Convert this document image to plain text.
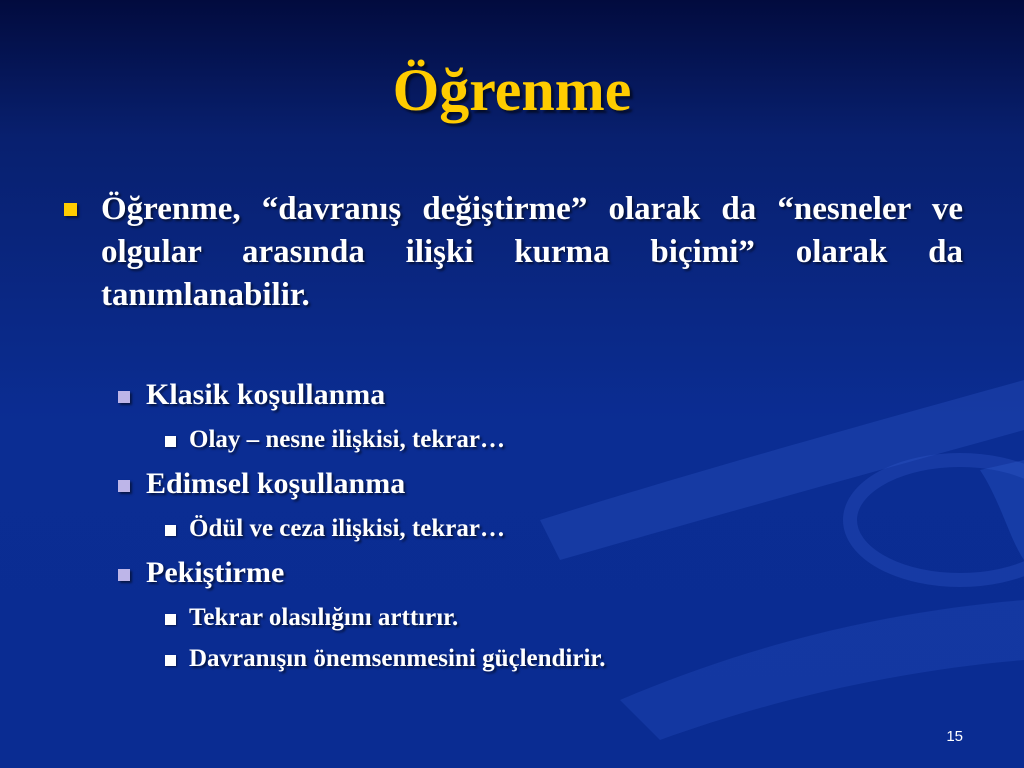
Öğrenme
Öğrenme, “davranış değiştirme” olarak da “nesneler ve olgular arasında ilişki kurma biçimi” olarak da tanımlanabilir.
Klasik koşullanma
Olay – nesne ilişkisi, tekrar…
Edimsel koşullanma
Ödül ve ceza ilişkisi, tekrar…
Pekiştirme
Tekrar olasılığını arttırır.
Davranışın önemsenmesini güçlendirir.
15
